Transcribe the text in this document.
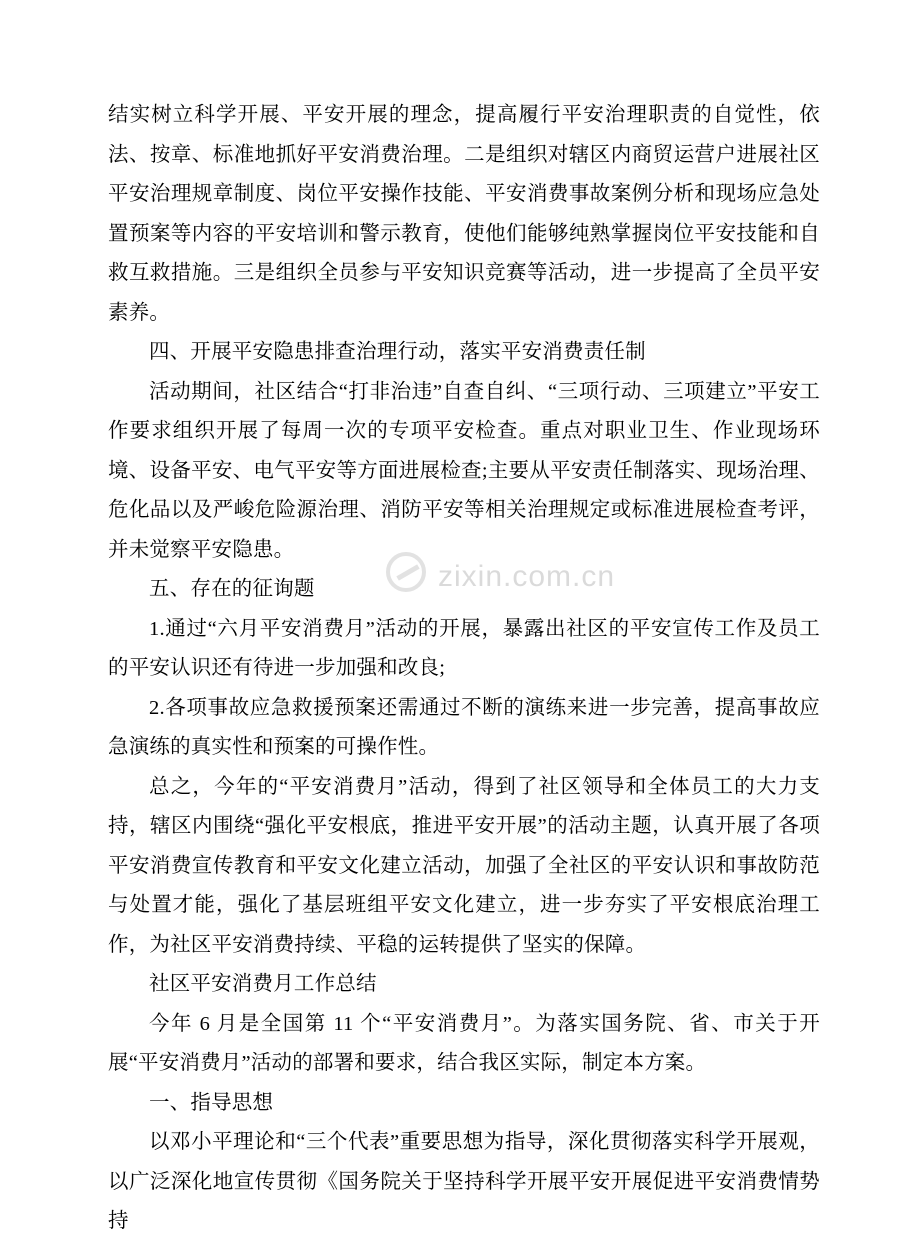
结实树立科学开展、平安开展的理念，提高履行平安治理职责的自觉性，依法、按章、标准地抓好平安消费治理。二是组织对辖区内商贸运营户进展社区平安治理规章制度、岗位平安操作技能、平安消费事故案例分析和现场应急处置预案等内容的平安培训和警示教育，使他们能够纯熟掌握岗位平安技能和自救互救措施。三是组织全员参与平安知识竞赛等活动，进一步提高了全员平安素养。

四、开展平安隐患排查治理行动，落实平安消费责任制

活动期间，社区结合“打非治违”自查自纠、“三项行动、三项建立”平安工作要求组织开展了每周一次的专项平安检查。重点对职业卫生、作业现场环境、设备平安、电气平安等方面进展检查;主要从平安责任制落实、现场治理、危化品以及严峻危险源治理、消防平安等相关治理规定或标准进展检查考评，并未觉察平安隐患。

五、存在的征询题

1.通过“六月平安消费月”活动的开展，暴露出社区的平安宣传工作及员工的平安认识还有待进一步加强和改良;

2.各项事故应急救援预案还需通过不断的演练来进一步完善，提高事故应急演练的真实性和预案的可操作性。

总之，今年的“平安消费月”活动，得到了社区领导和全体员工的大力支持，辖区内围绕“强化平安根底，推进平安开展”的活动主题，认真开展了各项平安消费宣传教育和平安文化建立活动，加强了全社区的平安认识和事故防范与处置才能，强化了基层班组平安文化建立，进一步夯实了平安根底治理工作，为社区平安消费持续、平稳的运转提供了坚实的保障。

社区平安消费月工作总结

今年 6 月是全国第 11 个“平安消费月”。为落实国务院、省、市关于开展“平安消费月”活动的部署和要求，结合我区实际，制定本方案。

一、指导思想

以邓小平理论和“三个代表”重要思想为指导，深化贯彻落实科学开展观，以广泛深化地宣传贯彻《国务院关于坚持科学开展平安开展促进平安消费情势持

zixin.com.cn
